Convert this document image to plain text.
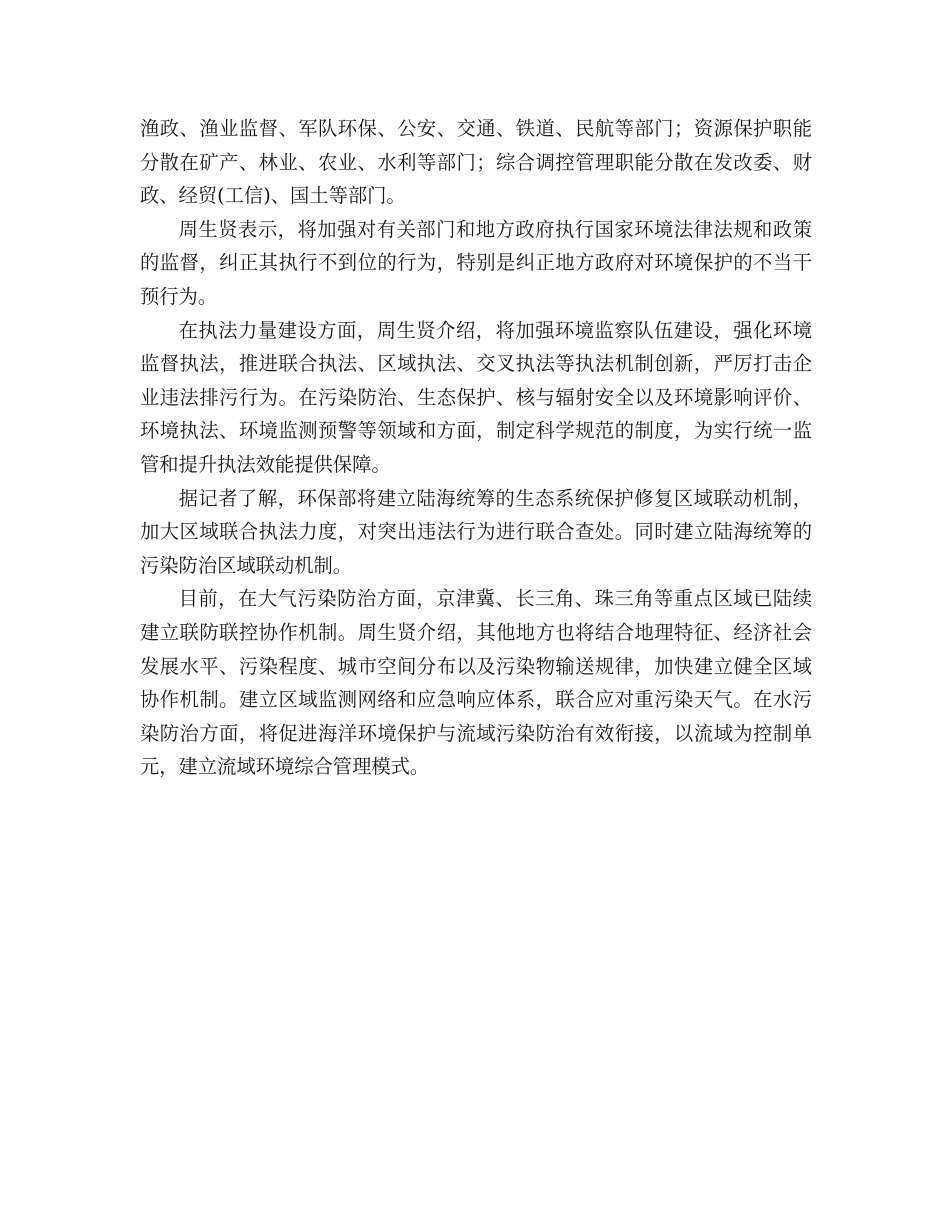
渔政、渔业监督、军队环保、公安、交通、铁道、民航等部门；资源保护职能分散在矿产、林业、农业、水利等部门；综合调控管理职能分散在发改委、财政、经贸(工信)、国土等部门。

周生贤表示，将加强对有关部门和地方政府执行国家环境法律法规和政策的监督，纠正其执行不到位的行为，特别是纠正地方政府对环境保护的不当干预行为。

在执法力量建设方面，周生贤介绍，将加强环境监察队伍建设，强化环境监督执法，推进联合执法、区域执法、交叉执法等执法机制创新，严厉打击企业违法排污行为。在污染防治、生态保护、核与辐射安全以及环境影响评价、环境执法、环境监测预警等领域和方面，制定科学规范的制度，为实行统一监管和提升执法效能提供保障。

据记者了解，环保部将建立陆海统筹的生态系统保护修复区域联动机制，加大区域联合执法力度，对突出违法行为进行联合查处。同时建立陆海统筹的污染防治区域联动机制。

目前，在大气污染防治方面，京津冀、长三角、珠三角等重点区域已陆续建立联防联控协作机制。周生贤介绍，其他地方也将结合地理特征、经济社会发展水平、污染程度、城市空间分布以及污染物输送规律，加快建立健全区域协作机制。建立区域监测网络和应急响应体系，联合应对重污染天气。在水污染防治方面，将促进海洋环境保护与流域污染防治有效衔接，以流域为控制单元，建立流域环境综合管理模式。
